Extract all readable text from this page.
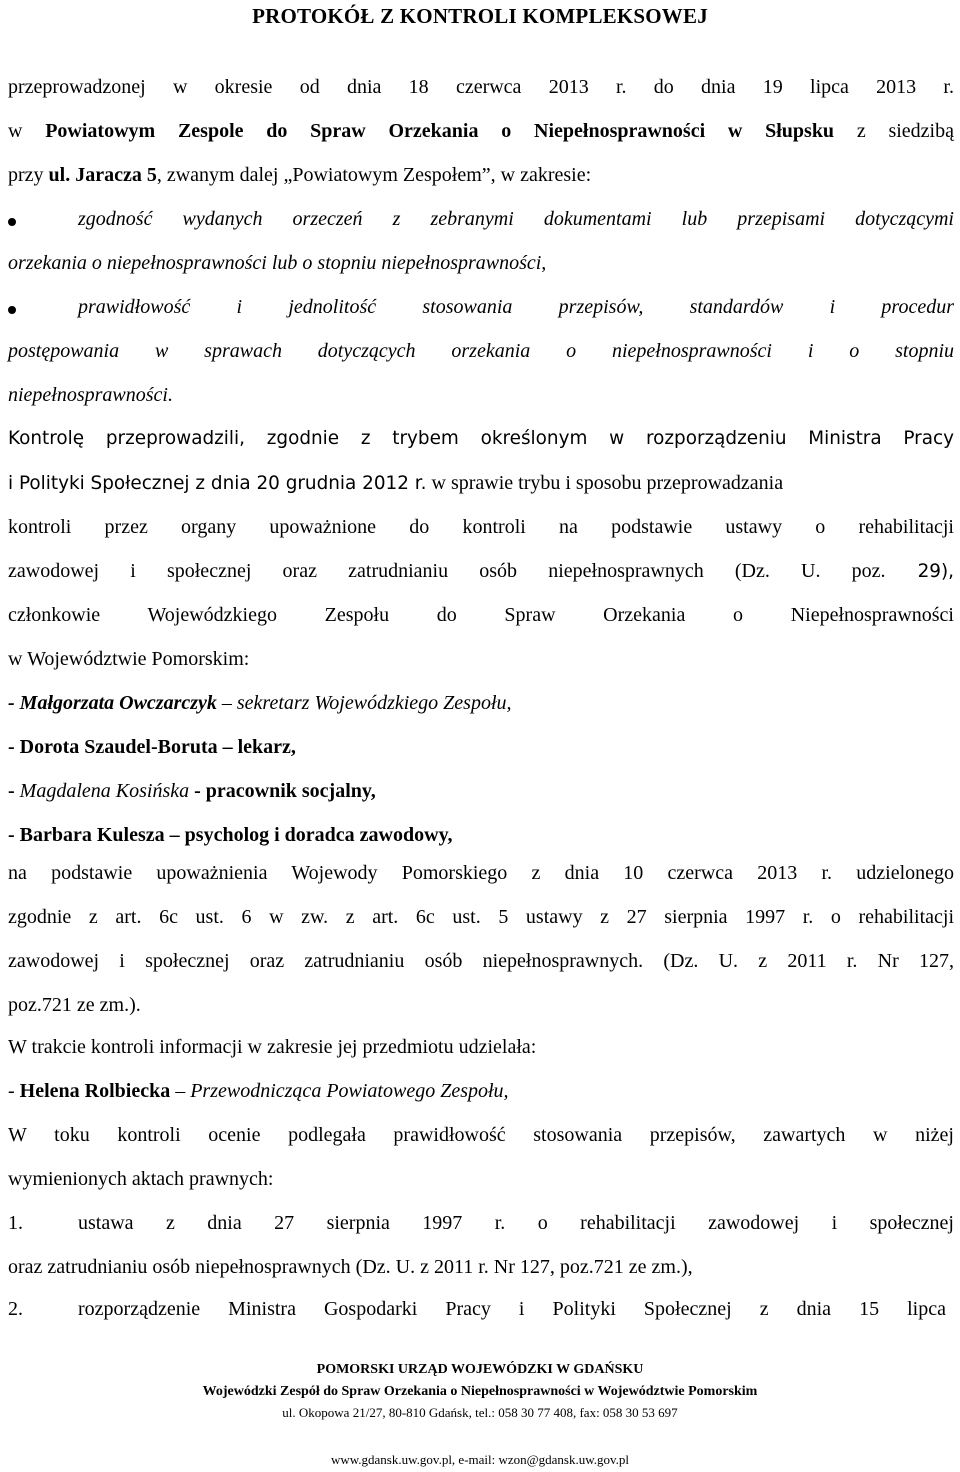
PROTOKÓŁ Z KONTROLI KOMPLEKSOWEJ
przeprowadzonej w okresie od dnia 18 czerwca 2013 r. do dnia 19 lipca 2013 r.
w Powiatowym Zespole do Spraw Orzekania o Niepełnosprawności w Słupsku z siedzibą
przy ul. Jaracza 5, zwanym dalej „Powiatowym Zespołem”, w zakresie:
zgodność wydanych orzeczeń z zebranymi dokumentami lub przepisami dotyczącymi
orzekania o niepełnosprawności lub o stopniu niepełnosprawności,
prawidłowość i jednolitość stosowania przepisów, standardów i procedur
postępowania w sprawach dotyczących orzekania o niepełnosprawności i o stopniu
niepełnosprawności.
Kontrolę przeprowadzili, zgodnie z trybem określonym w rozporządzeniu Ministra Pracy
i Polityki Społecznej z dnia 20 grudnia 2012 r. w sprawie trybu i sposobu przeprowadzania
kontroli przez organy upoważnione do kontroli na podstawie ustawy o rehabilitacji
zawodowej i społecznej oraz zatrudnianiu osób niepełnosprawnych (Dz. U. poz. 29),
członkowie Wojewódzkiego Zespołu do Spraw Orzekania o Niepełnosprawności
w Województwie Pomorskim:
- Małgorzata Owczarczyk – sekretarz Wojewódzkiego Zespołu,
- Dorota Szaudel-Boruta – lekarz,
- Magdalena Kosińska - pracownik socjalny,
- Barbara Kulesza – psycholog i doradca zawodowy,
na podstawie upoważnienia Wojewody Pomorskiego z dnia 10 czerwca 2013 r. udzielonego
zgodnie z art. 6c ust. 6 w zw. z art. 6c ust. 5 ustawy z 27 sierpnia 1997 r. o rehabilitacji
zawodowej i społecznej oraz zatrudnianiu osób niepełnosprawnych. (Dz. U. z 2011 r. Nr 127,
poz.721 ze zm.).
W trakcie kontroli informacji w zakresie jej przedmiotu udzielała:
- Helena Rolbiecka – Przewodnicząca Powiatowego Zespołu,
W toku kontroli ocenie podlegała prawidłowość stosowania przepisów, zawartych w niżej
wymienionych aktach prawnych:
1.	ustawa z dnia 27 sierpnia 1997 r. o rehabilitacji zawodowej i społecznej
oraz zatrudnianiu osób niepełnosprawnych (Dz. U. z 2011 r. Nr 127, poz.721 ze zm.),
2.	rozporządzenie Ministra Gospodarki Pracy i Polityki Społecznej z dnia 15 lipca
POMORSKI URZĄD WOJEWÓDZKI W GDAŃSKU
Wojewódzki Zespół do Spraw Orzekania o Niepełnosprawności w Województwie Pomorskim
ul. Okopowa 21/27, 80-810 Gdańsk, tel.: 058 30 77 408, fax: 058 30 53 697
www.gdansk.uw.gov.pl, e-mail: wzon@gdansk.uw.gov.pl
